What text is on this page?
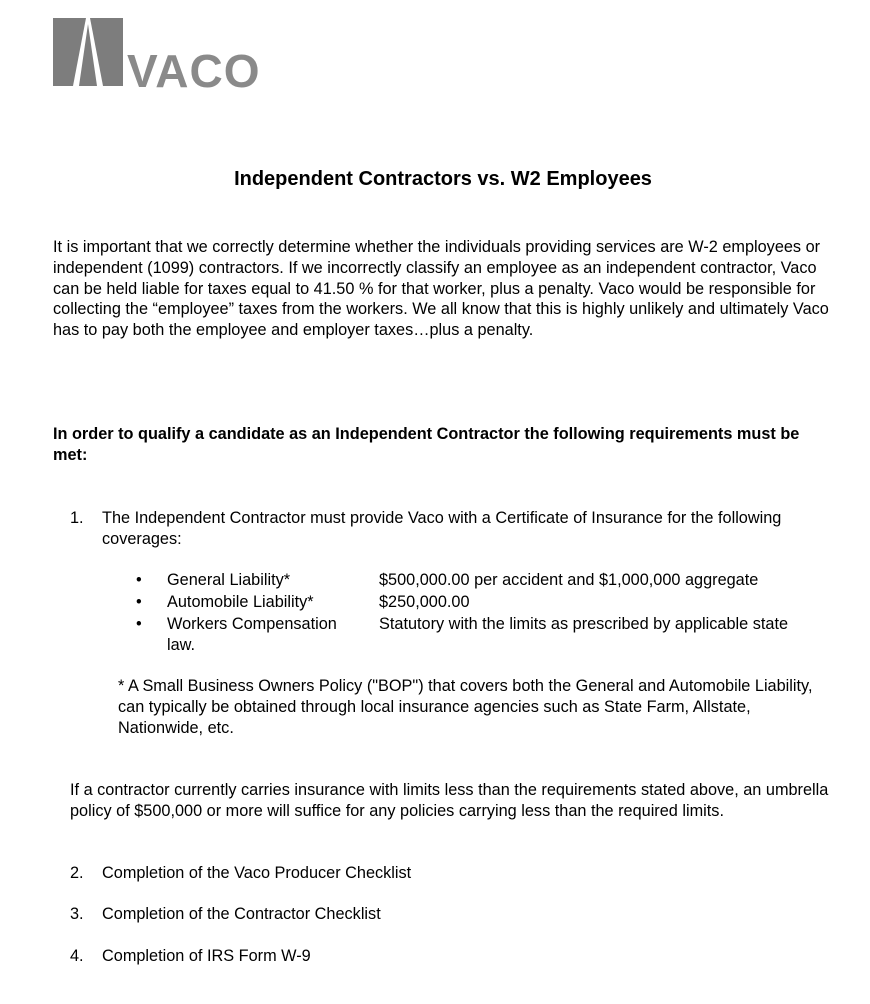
VACO
Independent Contractors vs. W2 Employees
It is important that we correctly determine whether the individuals providing services are W-2 employees or independent (1099) contractors. If we incorrectly classify an employee as an independent contractor, Vaco can be held liable for taxes equal to 41.50 % for that worker, plus a penalty. Vaco would be responsible for collecting the “employee” taxes from the workers. We all know that this is highly unlikely and ultimately Vaco has to pay both the employee and employer taxes…plus a penalty.
In order to qualify a candidate as an Independent Contractor the following requirements must be met:
1. The Independent Contractor must provide Vaco with a Certificate of Insurance for the following coverages:
• General Liability*	$500,000.00 per accident and $1,000,000 aggregate
• Automobile Liability*	$250,000.00
• Workers Compensation law.
Statutory with the limits as prescribed by applicable state
* A Small Business Owners Policy ("BOP") that covers both the General and Automobile Liability, can typically be obtained through local insurance agencies such as State Farm, Allstate, Nationwide, etc.
If a contractor currently carries insurance with limits less than the requirements stated above, an umbrella policy of $500,000 or more will suffice for any policies carrying less than the required limits.
2. Completion of the Vaco Producer Checklist
3. Completion of the Contractor Checklist
4. Completion of IRS Form W-9
